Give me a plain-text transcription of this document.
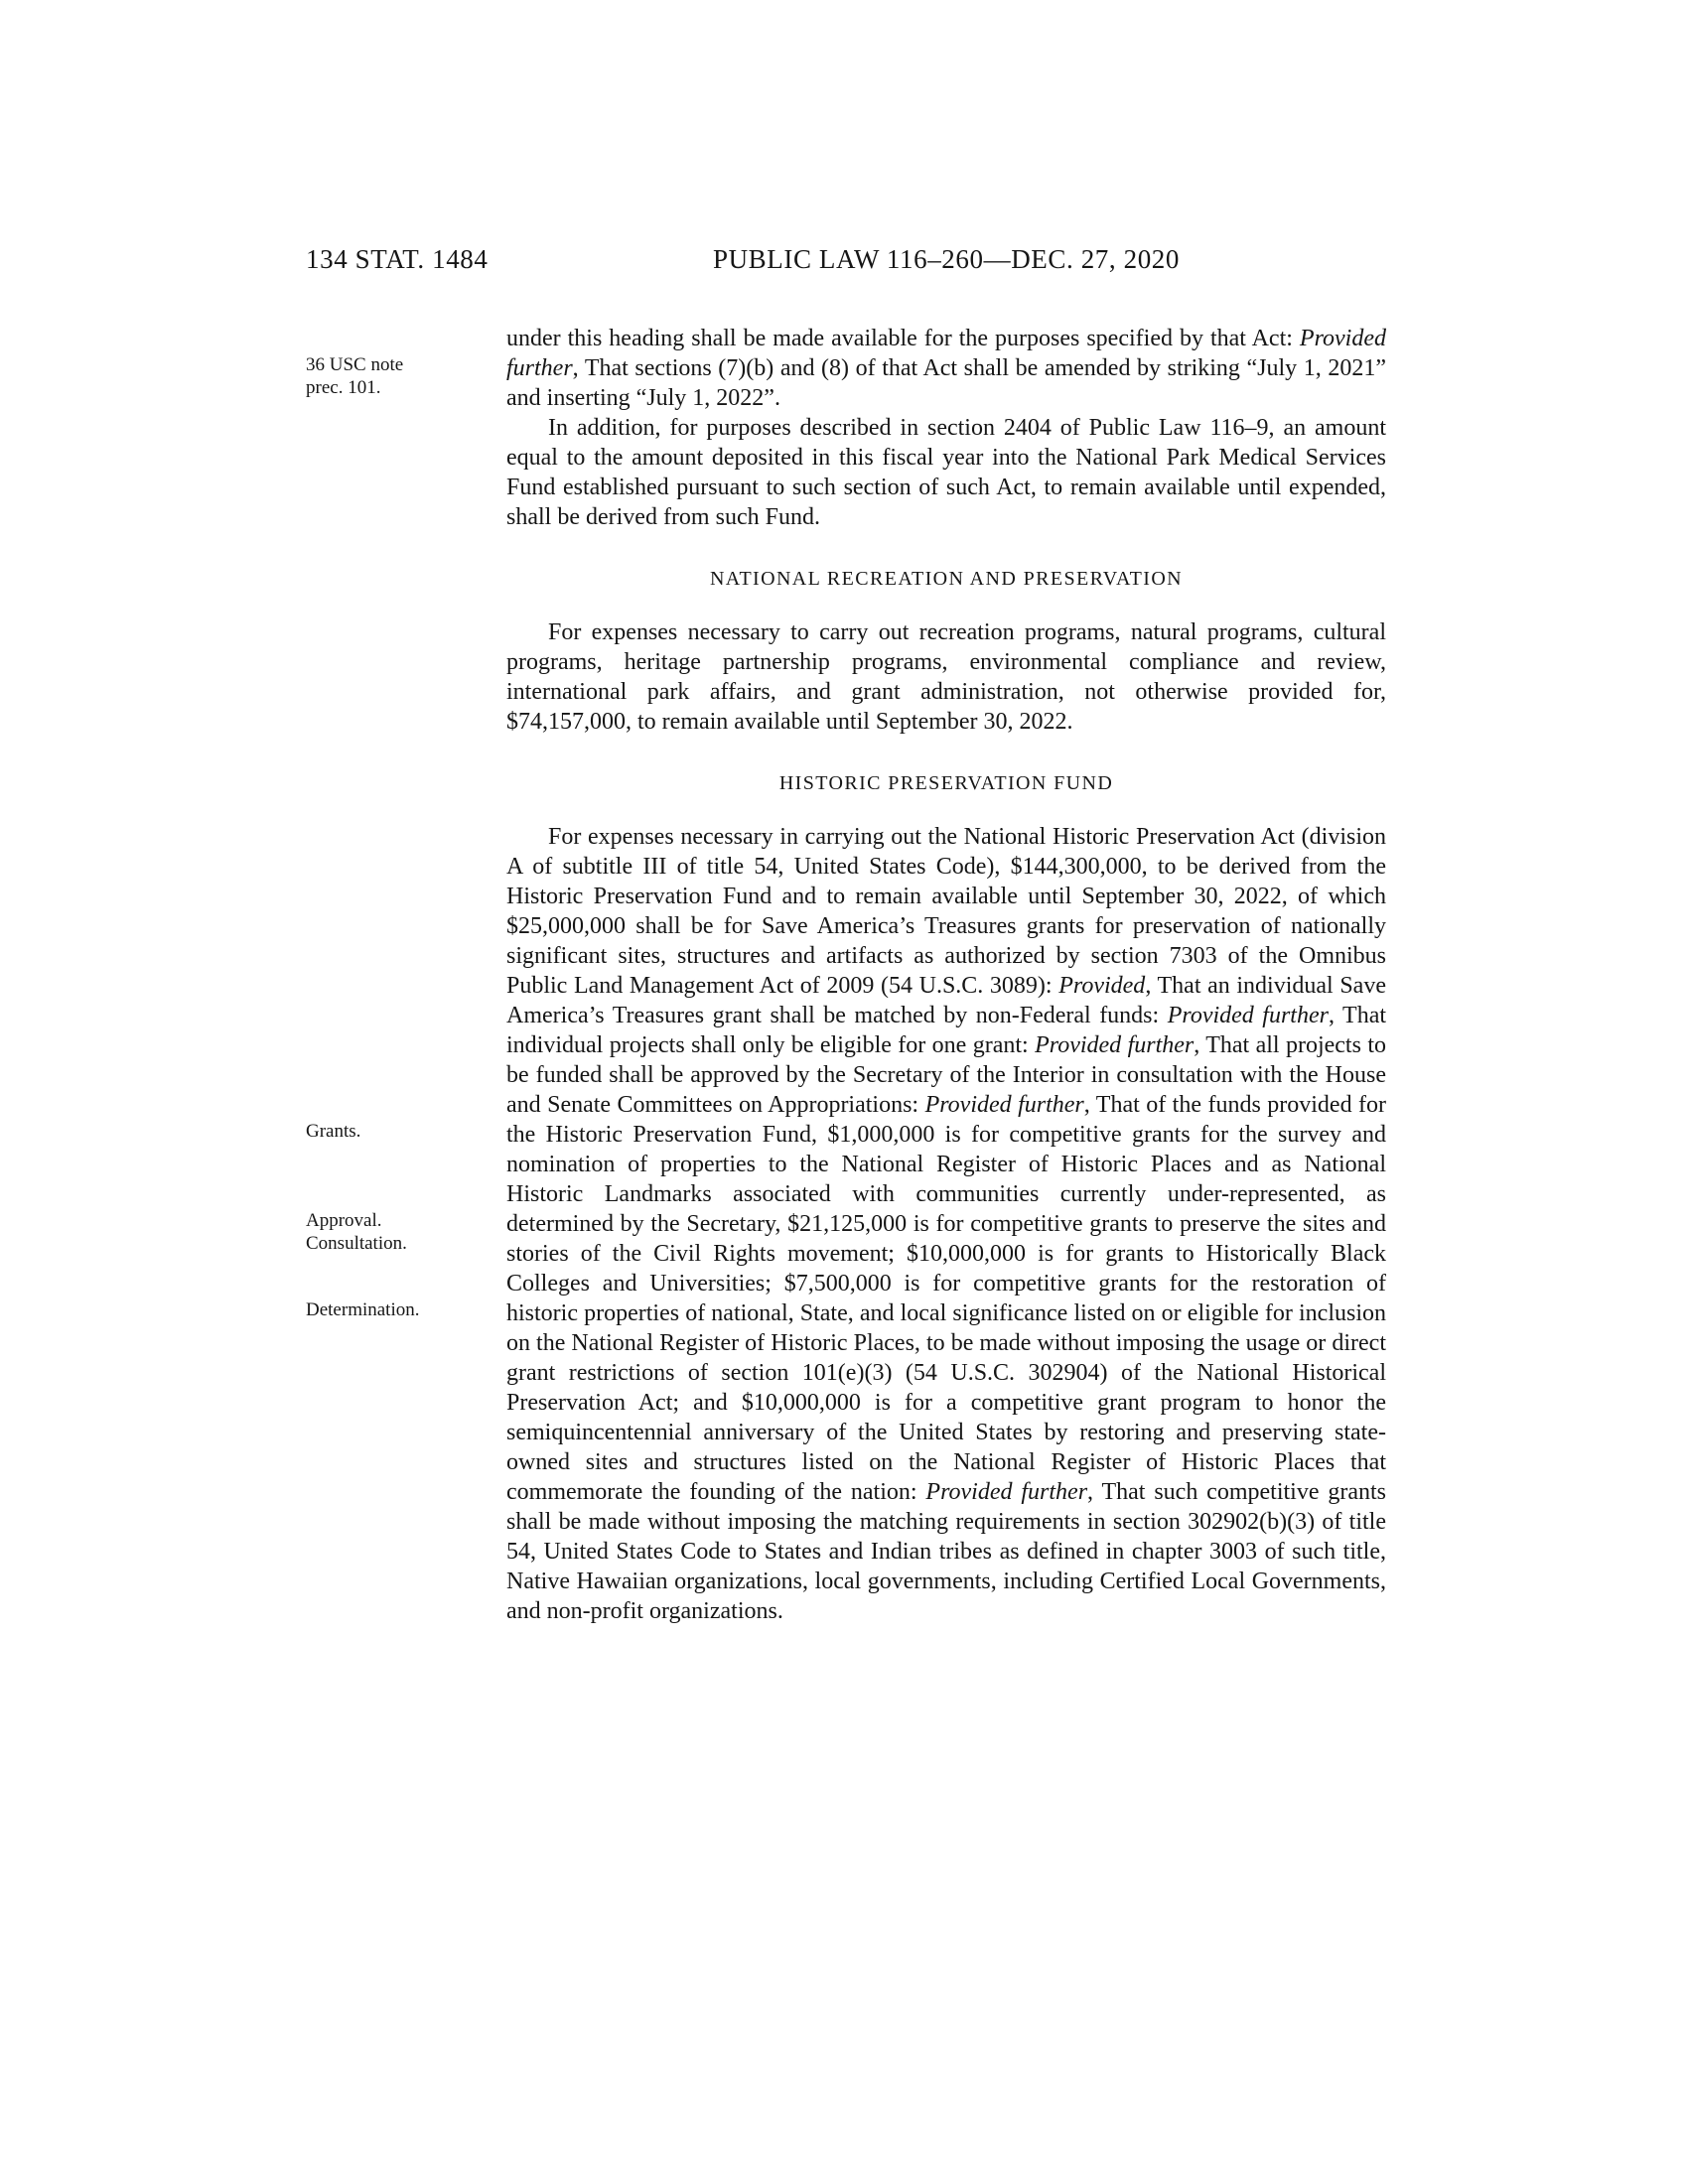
134 STAT. 1484	PUBLIC LAW 116–260—DEC. 27, 2020
36 USC note
prec. 101.
Grants.
Approval.
Consultation.
Determination.

under this heading shall be made available for the purposes specified by that Act: Provided further, That sections (7)(b) and (8) of that Act shall be amended by striking “July 1, 2021” and inserting “July 1, 2022”.

In addition, for purposes described in section 2404 of Public Law 116–9, an amount equal to the amount deposited in this fiscal year into the National Park Medical Services Fund established pursuant to such section of such Act, to remain available until expended, shall be derived from such Fund.

NATIONAL RECREATION AND PRESERVATION

For expenses necessary to carry out recreation programs, natural programs, cultural programs, heritage partnership programs, environmental compliance and review, international park affairs, and grant administration, not otherwise provided for, $74,157,000, to remain available until September 30, 2022.

HISTORIC PRESERVATION FUND

For expenses necessary in carrying out the National Historic Preservation Act (division A of subtitle III of title 54, United States Code), $144,300,000, to be derived from the Historic Preservation Fund and to remain available until September 30, 2022, of which $25,000,000 shall be for Save America’s Treasures grants for preservation of nationally significant sites, structures and artifacts as authorized by section 7303 of the Omnibus Public Land Management Act of 2009 (54 U.S.C. 3089): Provided, That an individual Save America’s Treasures grant shall be matched by non-Federal funds: Provided further, That individual projects shall only be eligible for one grant: Provided further, That all projects to be funded shall be approved by the Secretary of the Interior in consultation with the House and Senate Committees on Appropriations: Provided further, That of the funds provided for the Historic Preservation Fund, $1,000,000 is for competitive grants for the survey and nomination of properties to the National Register of Historic Places and as National Historic Landmarks associated with communities currently under-represented, as determined by the Secretary, $21,125,000 is for competitive grants to preserve the sites and stories of the Civil Rights movement; $10,000,000 is for grants to Historically Black Colleges and Universities; $7,500,000 is for competitive grants for the restoration of historic properties of national, State, and local significance listed on or eligible for inclusion on the National Register of Historic Places, to be made without imposing the usage or direct grant restrictions of section 101(e)(3) (54 U.S.C. 302904) of the National Historical Preservation Act; and $10,000,000 is for a competitive grant program to honor the semiquincentennial anniversary of the United States by restoring and preserving state-owned sites and structures listed on the National Register of Historic Places that commemorate the founding of the nation: Provided further, That such competitive grants shall be made without imposing the matching requirements in section 302902(b)(3) of title 54, United States Code to States and Indian tribes as defined in chapter 3003 of such title, Native Hawaiian organizations, local governments, including Certified Local Governments, and non-profit organizations.
